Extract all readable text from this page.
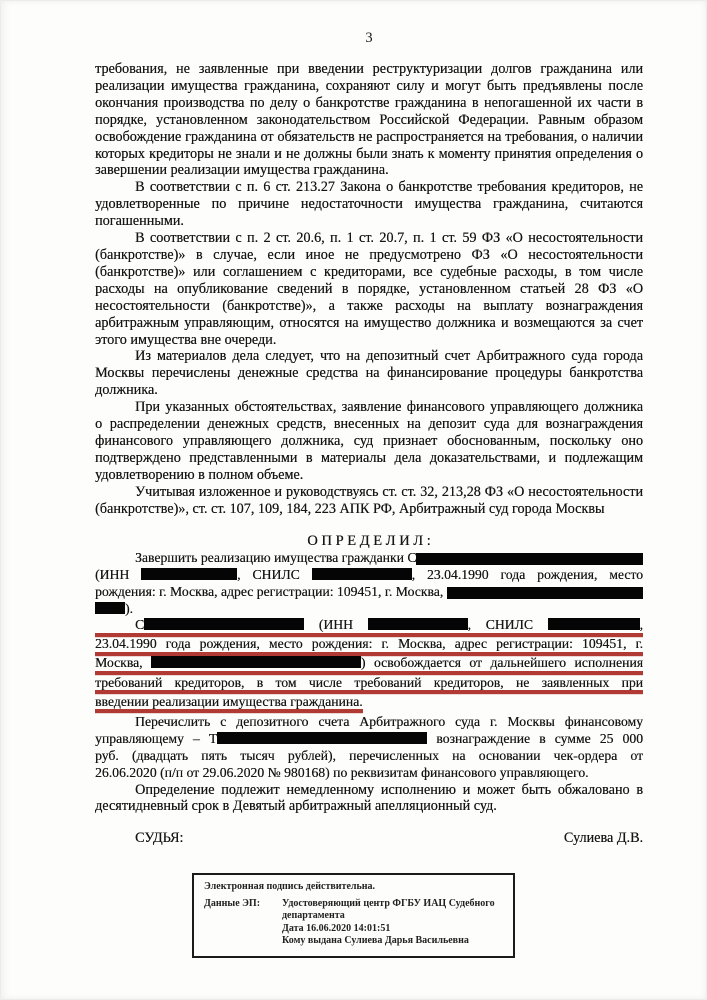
3
требования, не заявленные при введении реструктуризации долгов гражданина или реализации имущества гражданина, сохраняют силу и могут быть предъявлены после окончания производства по делу о банкротстве гражданина в непогашенной их части в порядке, установленном законодательством Российской Федерации. Равным образом освобождение гражданина от обязательств не распространяется на требования, о наличии которых кредиторы не знали и не должны были знать к моменту принятия определения о завершении реализации имущества гражданина.
В соответствии с п. 6 ст. 213.27 Закона о банкротстве требования кредиторов, не удовлетворенные по причине недостаточности имущества гражданина, считаются погашенными.
В соответствии с п. 2 ст. 20.6, п. 1 ст. 20.7, п. 1 ст. 59 ФЗ «О несостоятельности (банкротстве)» в случае, если иное не предусмотрено ФЗ «О несостоятельности (банкротстве)» или соглашением с кредиторами, все судебные расходы, в том числе расходы на опубликование сведений в порядке, установленном статьей 28 ФЗ «О несостоятельности (банкротстве)», а также расходы на выплату вознаграждения арбитражным управляющим, относятся на имущество должника и возмещаются за счет этого имущества вне очереди.
Из материалов дела следует, что на депозитный счет Арбитражного суда города Москвы перечислены денежные средства на финансирование процедуры банкротства должника.
При указанных обстоятельствах, заявление финансового управляющего должника о распределении денежных средств, внесенных на депозит суда для вознаграждения финансового управляющего должника, суд признает обоснованным, поскольку оно подтверждено представленными в материалы дела доказательствами, и подлежащим удовлетворению в полном объеме.
Учитывая изложенное и руководствуясь ст. ст. 32, 213,28 ФЗ «О несостоятельности (банкротстве)», ст. ст. 107, 109, 184, 223 АПК РФ, Арбитражный суд города Москвы
О П Р Е Д Е Л И Л :
Завершить реализацию имущества гражданки С
(ИНН	, СНИЛС	, 23.04.1990 года рождения, место
рождения: г. Москва, адрес регистрации: 109451, г. Москва,
).
С	(ИНН	, СНИЛС	,
23.04.1990 года рождения, место рождения: г. Москва, адрес регистрации: 109451, г.
Москва,	) освобождается от дальнейшего исполнения
требований кредиторов, в том числе требований кредиторов, не заявленных при
введении реализации имущества гражданина.
Перечислить с депозитного счета Арбитражного суда г. Москвы финансовому
управляющему – Т	вознаграждение в сумме 25 000
руб. (двадцать пять тысяч рублей), перечисленных на основании чек-ордера от
26.06.2020 (п/п от 29.06.2020 № 980168) по реквизитам финансового управляющего.
Определение подлежит немедленному исполнению и может быть обжаловано в десятидневный срок в Девятый арбитражный апелляционный суд.
СУДЬЯ:	Сулиева Д.В.
Электронная подпись действительна.
Данные ЭП:	Удостоверяющий центр ФГБУ ИАЦ Судебного департамента
Дата 16.06.2020 14:01:51
Кому выдана Сулиева Дарья Васильевна
